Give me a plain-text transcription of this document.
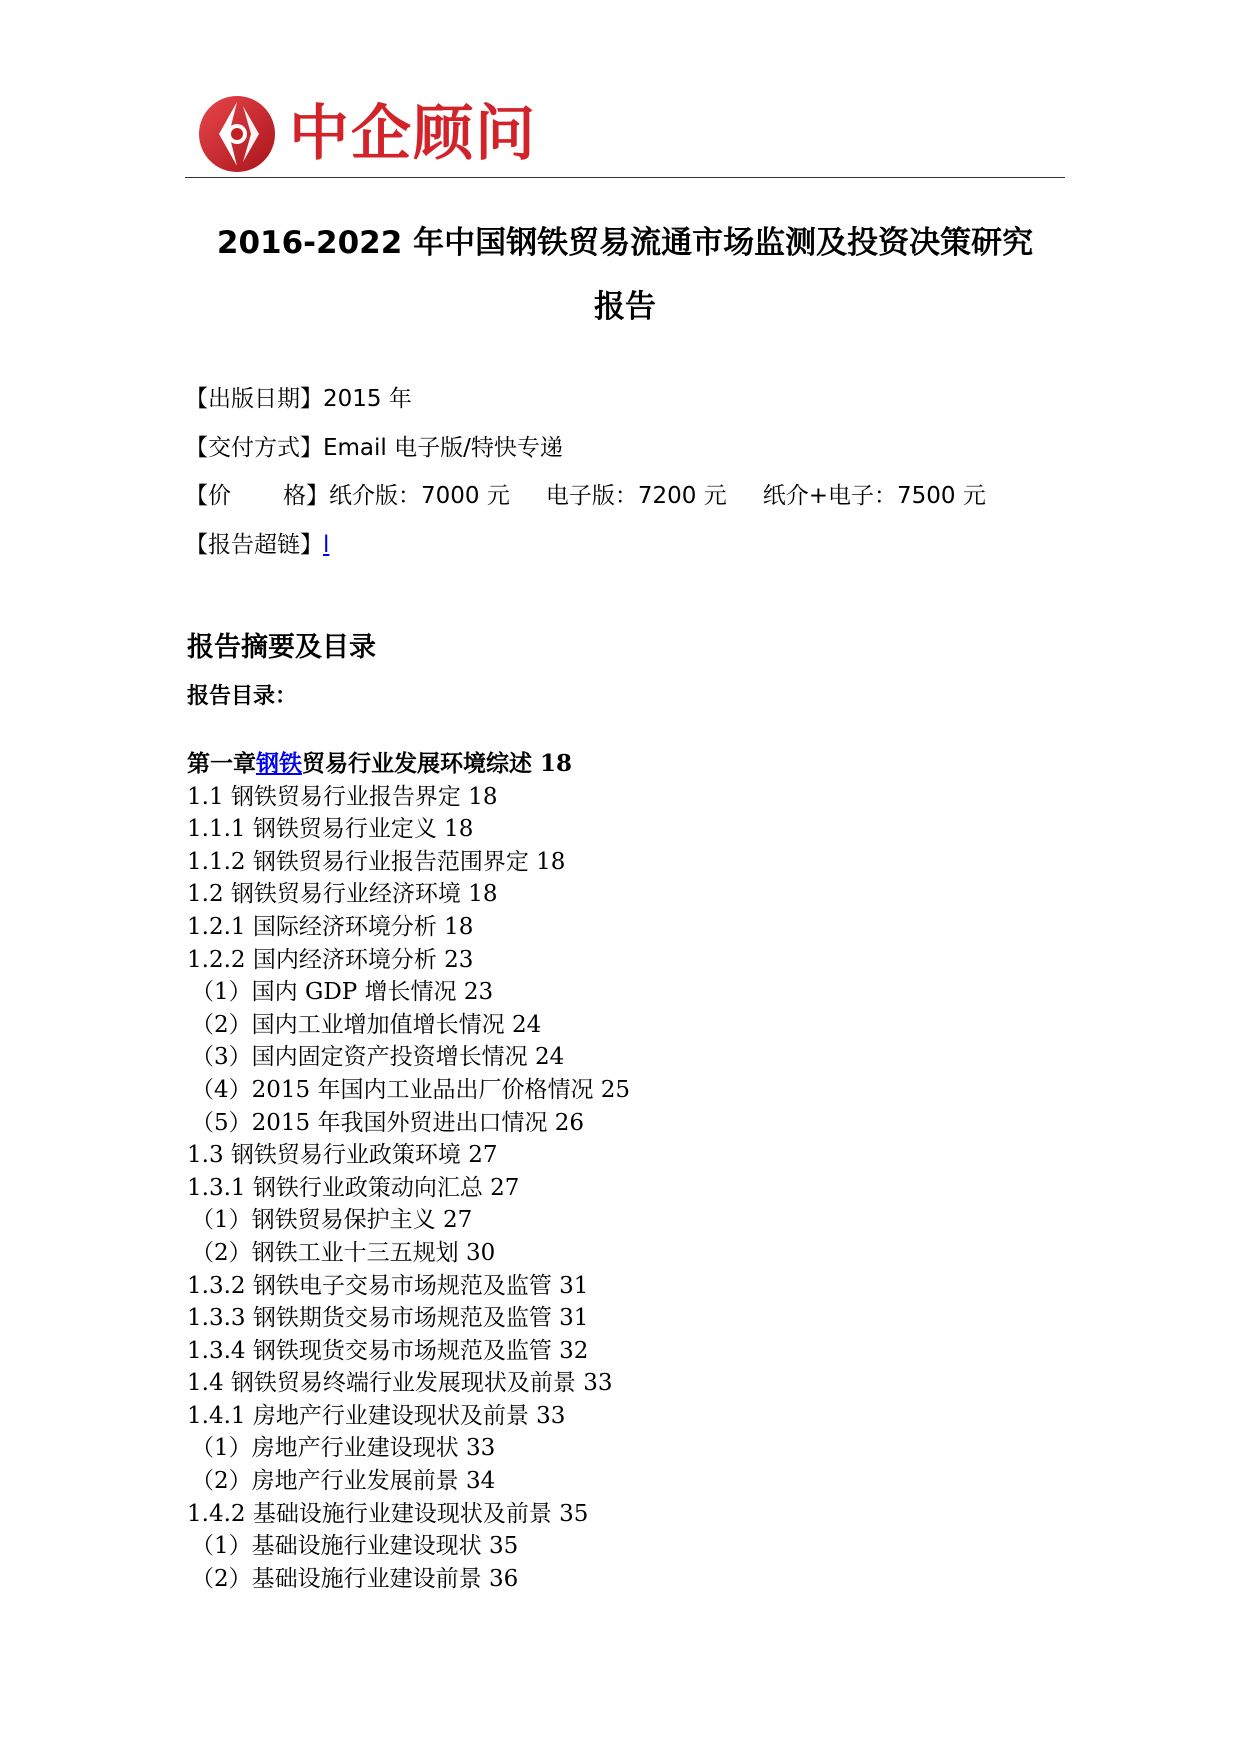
中企顾问
2016-2022 年中国钢铁贸易流通市场监测及投资决策研究
报告
【出版日期】2015 年
【交付方式】Email 电子版/特快专递
【价 格】纸介版：7000 元 电子版：7200 元 纸介+电子：7500 元
【报告超链】l
报告摘要及目录
报告目录：
第一章钢铁贸易行业发展环境综述 18
1.1 钢铁贸易行业报告界定 18
1.1.1 钢铁贸易行业定义 18
1.1.2 钢铁贸易行业报告范围界定 18
1.2 钢铁贸易行业经济环境 18
1.2.1 国际经济环境分析 18
1.2.2 国内经济环境分析 23
（1）国内 GDP 增长情况 23
（2）国内工业增加值增长情况 24
（3）国内固定资产投资增长情况 24
（4）2015 年国内工业品出厂价格情况 25
（5）2015 年我国外贸进出口情况 26
1.3 钢铁贸易行业政策环境 27
1.3.1 钢铁行业政策动向汇总 27
（1）钢铁贸易保护主义 27
（2）钢铁工业十三五规划 30
1.3.2 钢铁电子交易市场规范及监管 31
1.3.3 钢铁期货交易市场规范及监管 31
1.3.4 钢铁现货交易市场规范及监管 32
1.4 钢铁贸易终端行业发展现状及前景 33
1.4.1 房地产行业建设现状及前景 33
（1）房地产行业建设现状 33
（2）房地产行业发展前景 34
1.4.2 基础设施行业建设现状及前景 35
（1）基础设施行业建设现状 35
（2）基础设施行业建设前景 36
